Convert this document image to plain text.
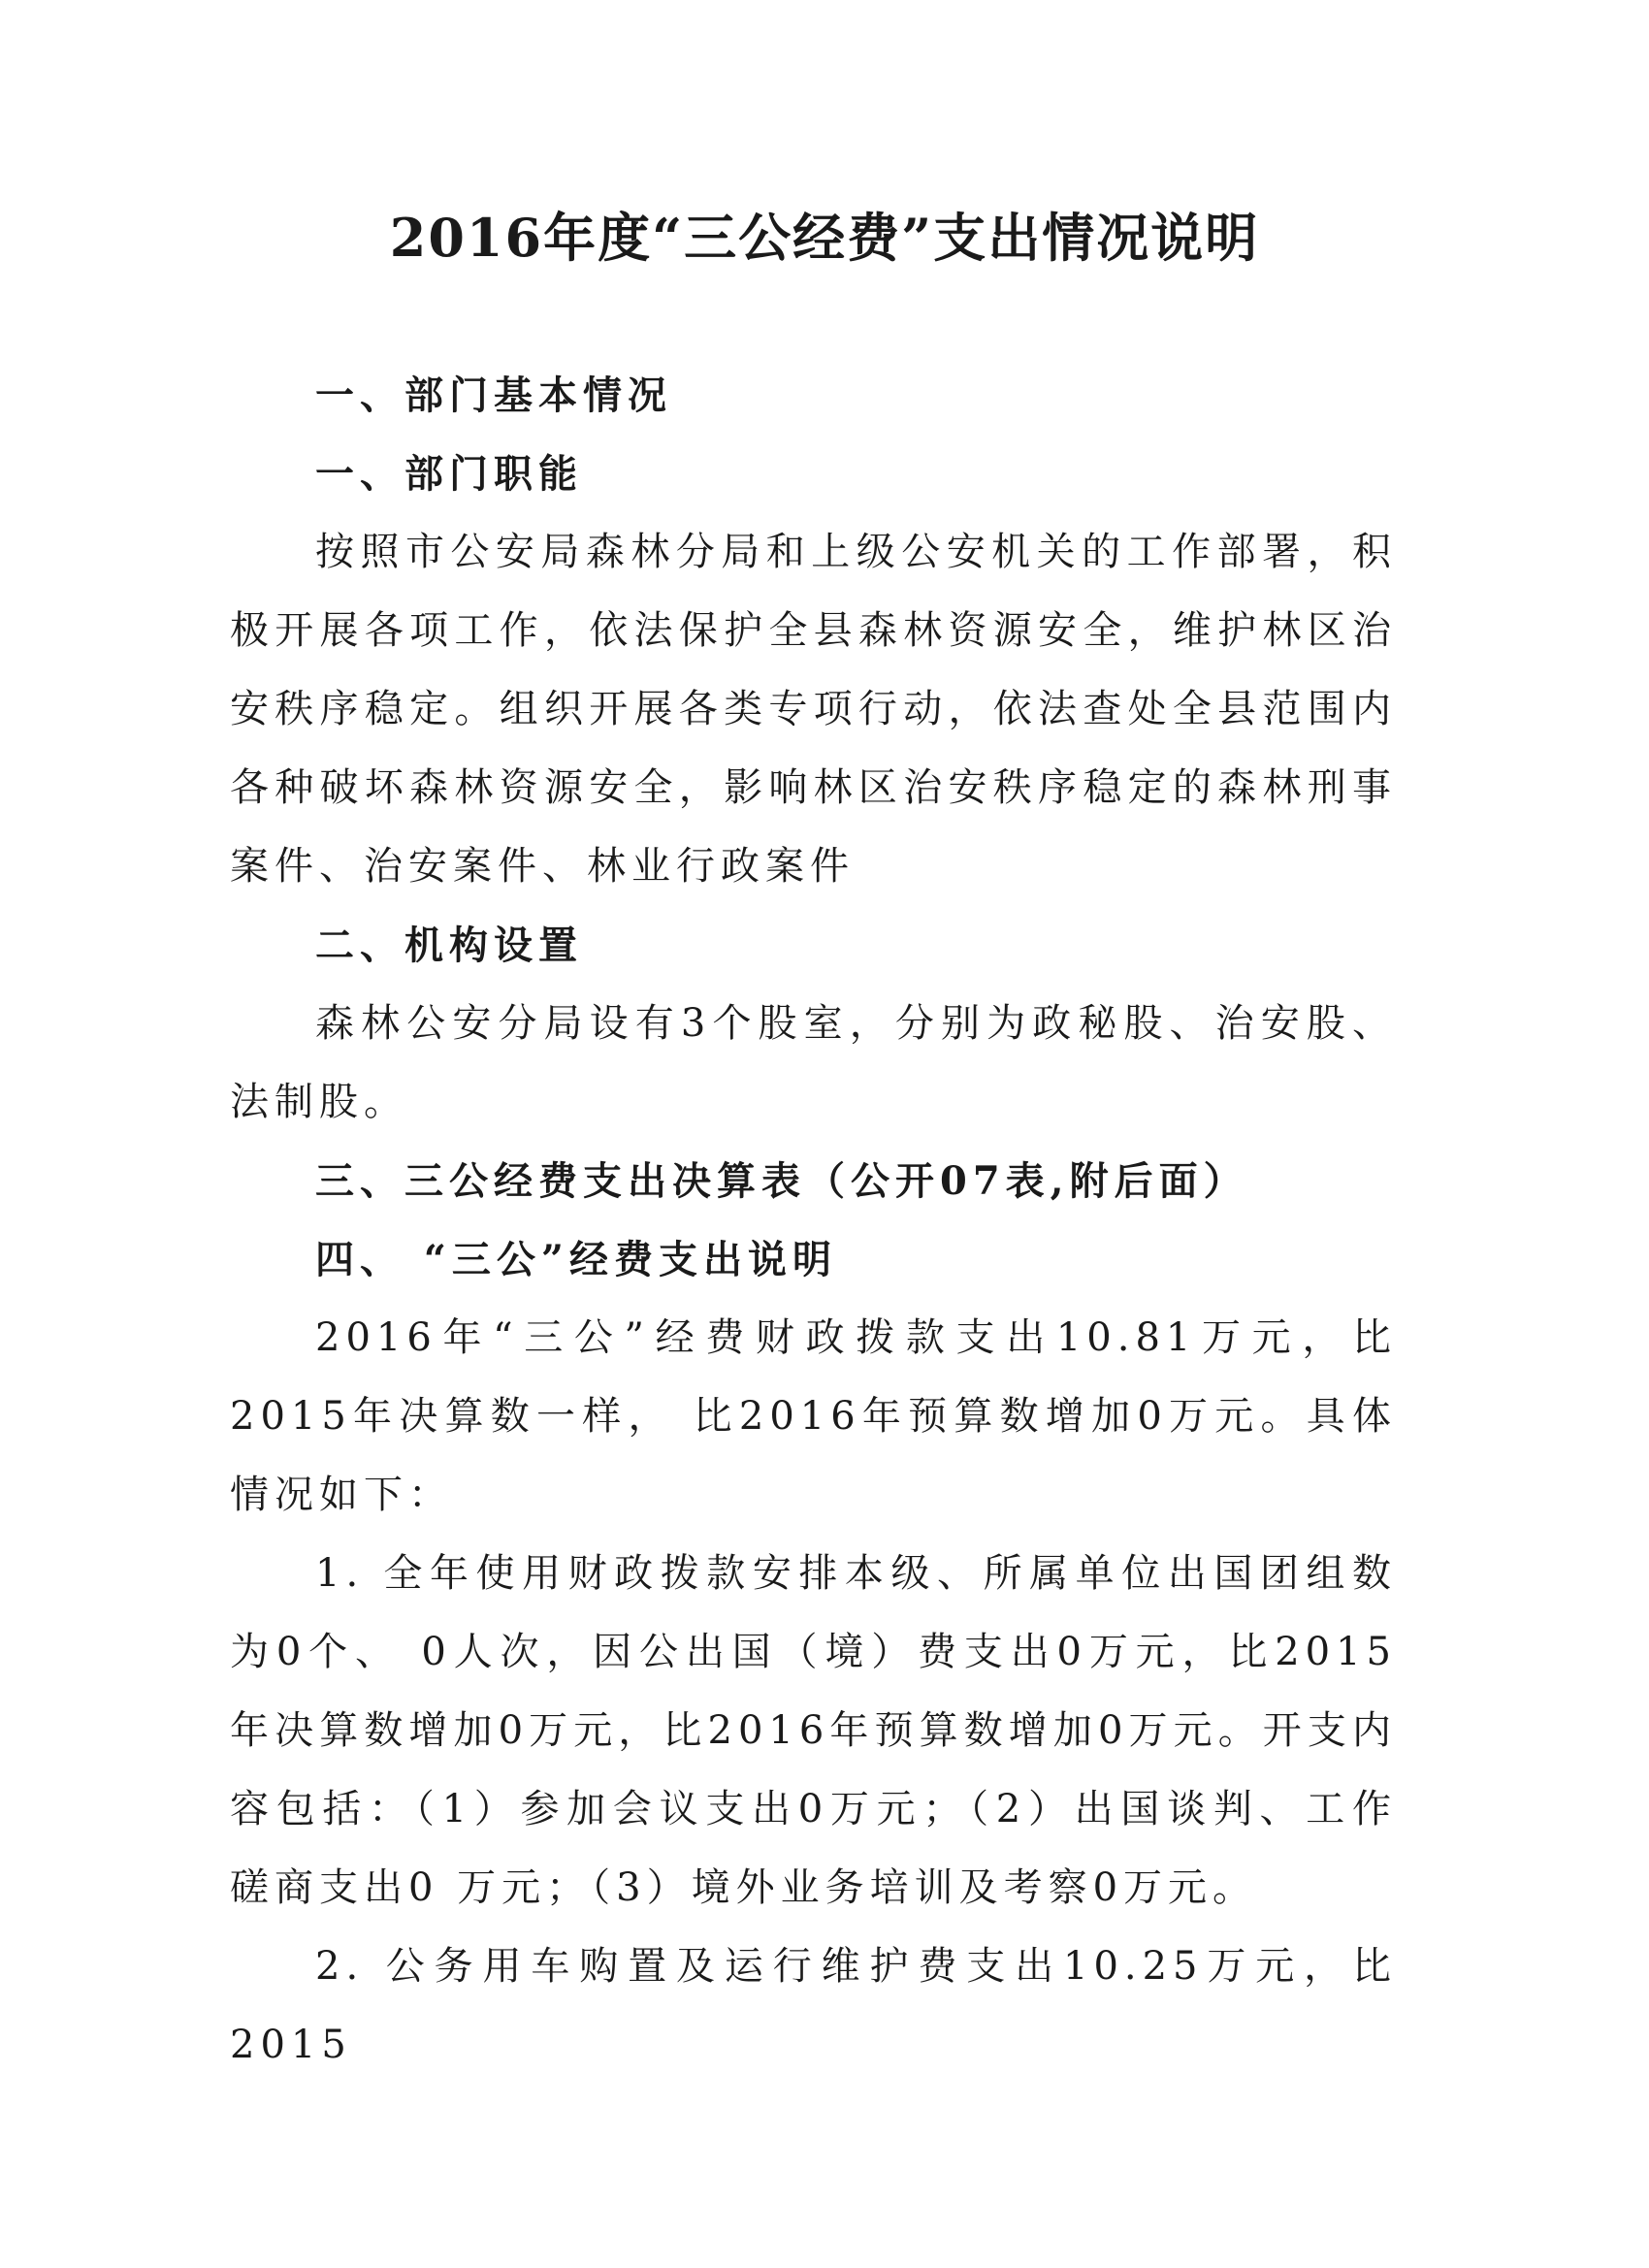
2016年度“三公经费”支出情况说明

一、部门基本情况

一、部门职能

按照市公安局森林分局和上级公安机关的工作部署，积极开展各项工作，依法保护全县森林资源安全，维护林区治安秩序稳定。组织开展各类专项行动，依法查处全县范围内各种破坏森林资源安全，影响林区治安秩序稳定的森林刑事案件、治安案件、林业行政案件

二、机构设置

森林公安分局设有3个股室，分别为政秘股、治安股、法制股。

三、三公经费支出决算表（公开07表,附后面）

四、 “三公”经费支出说明

2016年“三公”经费财政拨款支出10.81万元，比2015年决算数一样， 比2016年预算数增加0万元。具体情况如下：

1. 全年使用财政拨款安排本级、所属单位出国团组数为0个、 0人次，因公出国（境）费支出0万元，比2015年决算数增加0万元，比2016年预算数增加0万元。开支内容包括：（1）参加会议支出0万元；（2）出国谈判、工作磋商支出0 万元；（3）境外业务培训及考察0万元。

2. 公务用车购置及运行维护费支出10.25万元，比2015
